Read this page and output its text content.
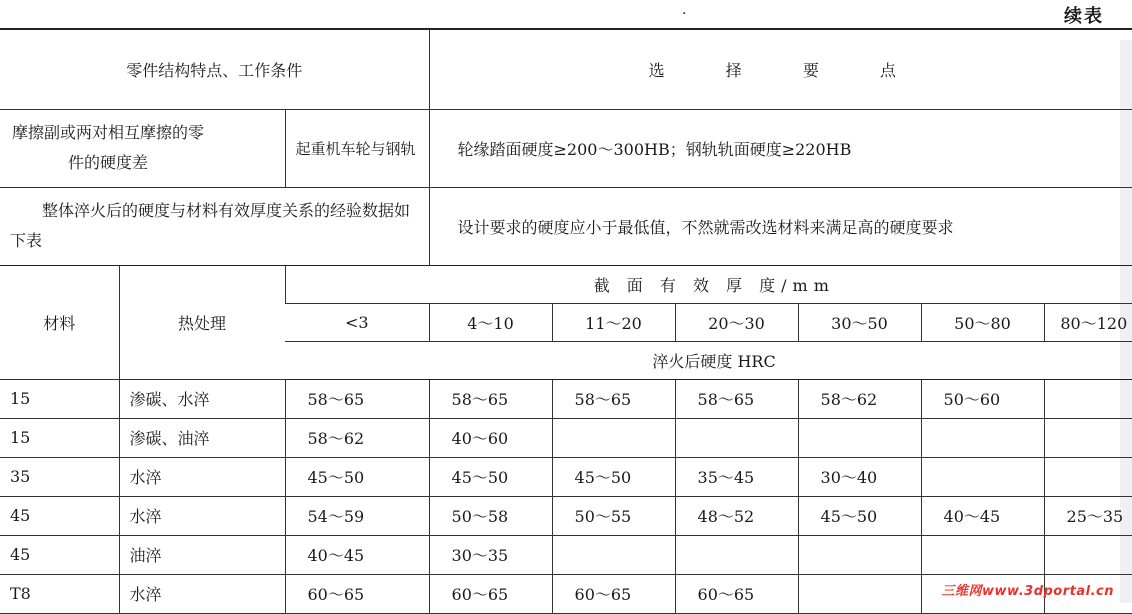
续表
·
零件结构特点、工作条件			选 择 要 点					

摩擦副或两对相互摩擦的零件的硬度差		起重机车轮与钢轨	轮缘踏面硬度≥200～300HB；钢轨轨面硬度≥220HB					

整体淬火后的硬度与材料有效厚度关系的经验数据如下表			设计要求的硬度应小于最低值，不然就需改选材料来满足高的硬度要求					
材料	热处理	截 面 有 效 厚 度/mm						
		<3	4～10	11～20	20～30	30～50	50～80	80～120
		淬火后硬度 HRC						
15	渗碳、水淬	58～65	58～65	58～65	58～65	58～62	50～60	
15	渗碳、油淬	58～62	40～60					
35	水淬	45～50	45～50	45～50	35～45	30～40		
45	水淬	54～59	50～58	50～55	48～52	45～50	40～45	25～35
45	油淬	40～45	30～35					
T8	水淬	60～65	60～65	60～65	60～65				三维网www.3dportal.cn
